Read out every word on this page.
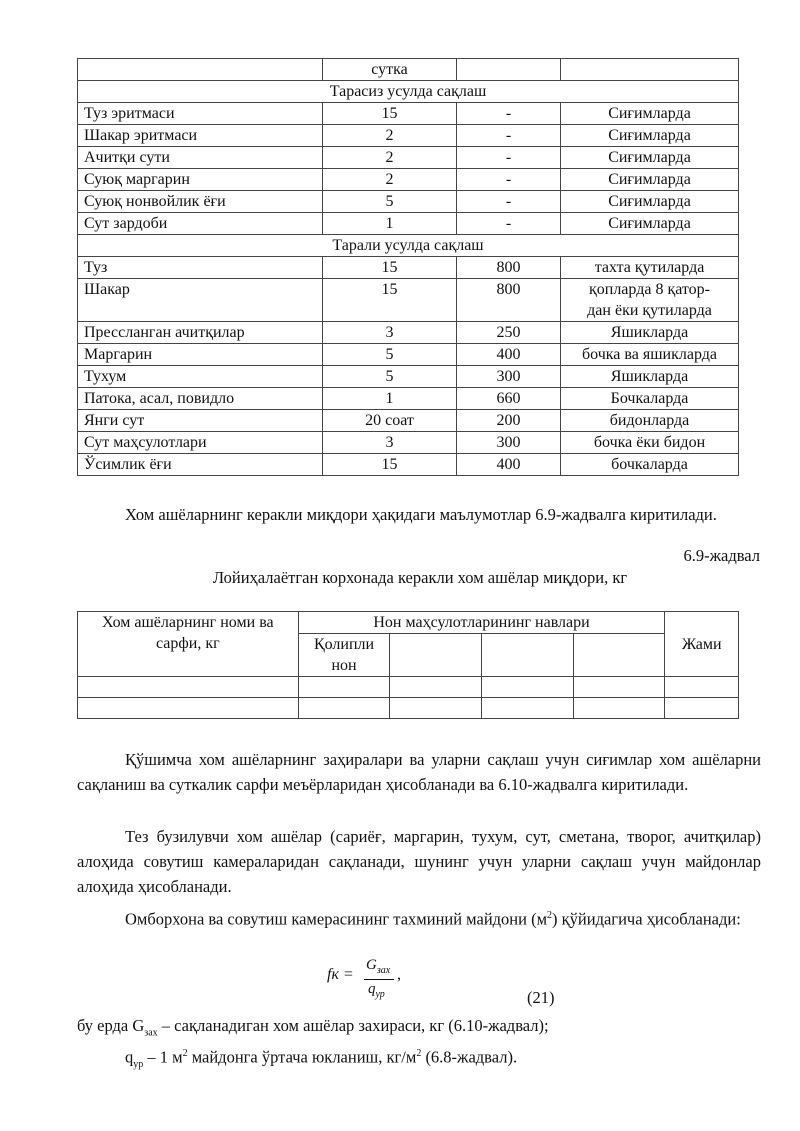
	сутка		
Тарасиз усулда сақлаш			
Туз эритмаси	15	-	Сиғимларда
Шакар эритмаси	2	-	Сиғимларда
Ачитқи сути	2	-	Сиғимларда
Суюқ маргарин	2	-	Сиғимларда
Суюқ нонвойлик ёғи	5	-	Сиғимларда
Сут зардоби	1	-	Сиғимларда
Тарали усулда сақлаш			
Туз	15	800	тахта қутиларда
Шакар	15	800	қопларда 8 қатор-
дан ёки қутиларда
Прессланган ачитқилар	3	250	Яшикларда
Маргарин	5	400	бочка ва яшикларда
Тухум	5	300	Яшикларда
Патока, асал, повидло	1	660	Бочкаларда
Янги сут	20 соат	200	бидонларда
Сут маҳсулотлари	3	300	бочка ёки бидон
Ўсимлик ёғи	15	400	бочкаларда
Хом ашёларнинг керакли миқдори ҳақидаги маълумотлар 6.9-жадвалга киритилади.
6.9-жадвал
Лойиҳалаётган корхонада керакли хом ашёлар миқдори, кг
Хом ашёларнинг номи ва сарфи, кг	Нон маҳсулотларининг навлари				Жами
	Қолипли нон				

Қўшимча хом ашёларнинг заҳиралари ва уларни сақлаш учун сиғимлар хом ашёларни сақланиш ва суткалик сарфи меъёрларидан ҳисобланади ва 6.10-жадвалга киритилади.
Тез бузилувчи хом ашёлар (сариёғ, маргарин, тухум, сут, сметана, творог, ачитқилар) алоҳида совутиш камераларидан сақланади, шунинг учун уларни сақлаш учун майдонлар алоҳида ҳисобланади.
Омборхона ва совутиш камерасининг тахминий майдони $(м^2)$ қўйидагича ҳисобланади:
fк =
$G_{зах}$
$q_{ур}$
,
(21)
бу ерда $G_{зах}$ – сақланадиган хом ашёлар захираси, кг (6.10-жадвал);
$q_{ур} - 1$ $м^2$ майдонга ўртача юкланиш, $кг/м^2$ (6.8-жадвал).
